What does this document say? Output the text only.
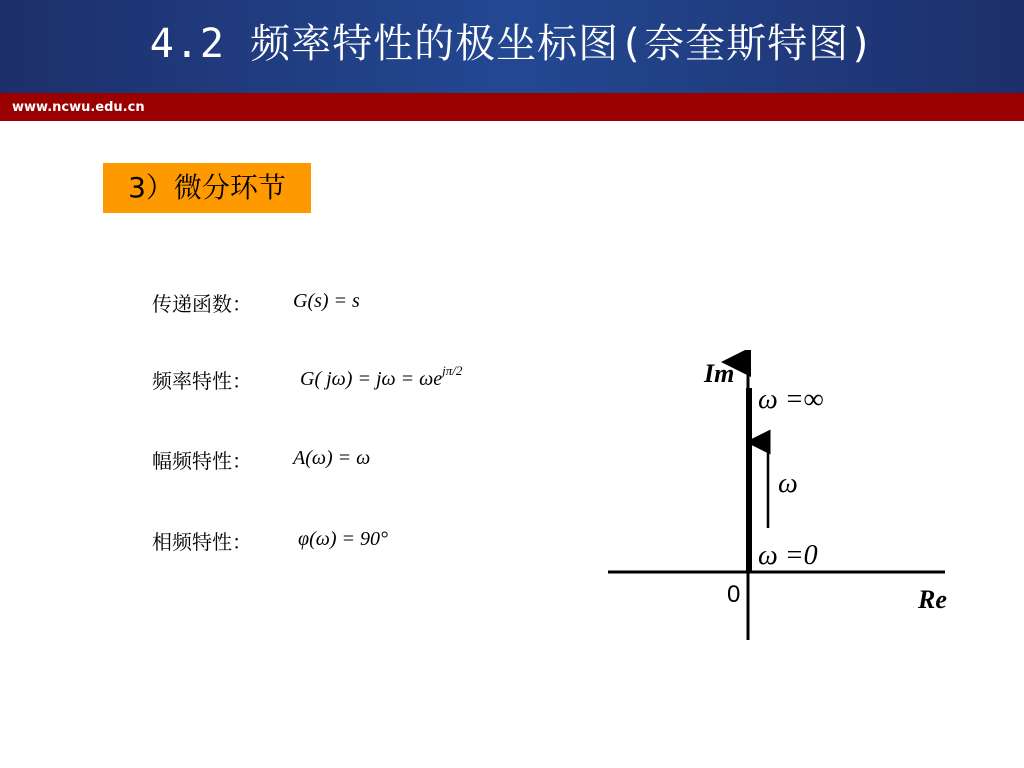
4.2 频率特性的极坐标图(奈奎斯特图)
www.ncwu.edu.cn
3）微分环节
传递函数： G(s) = s
频率特性： G( $j\omega) = j\omega = \omega e^{j\pi/2}$
幅频特性： A(ω) = ω
相频特性： φ(ω) = 90°
Im
Re
0
ω =∞
ω
ω =0
